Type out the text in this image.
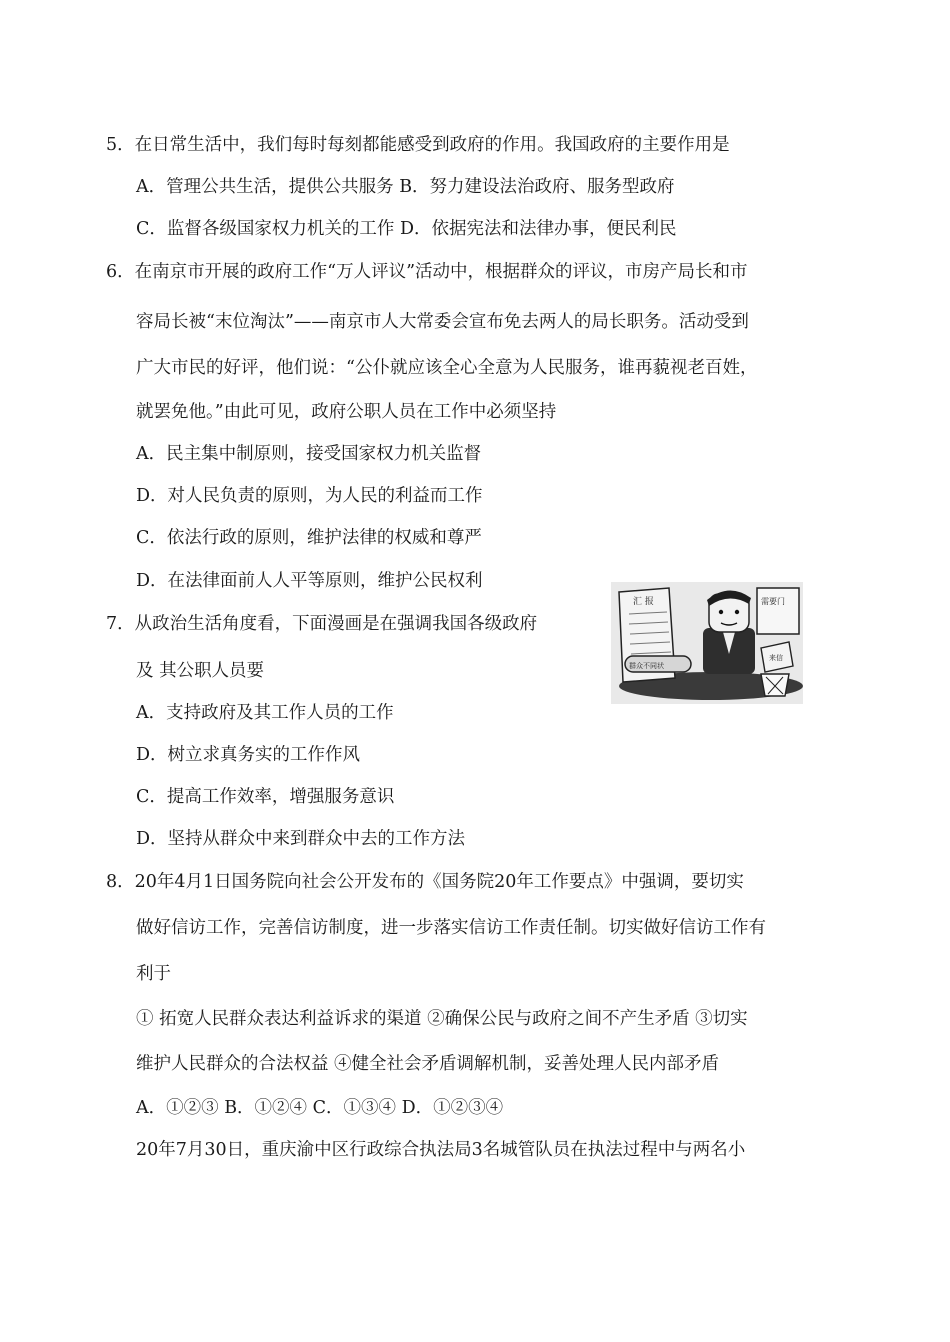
5．在日常生活中，我们每时每刻都能感受到政府的作用。我国政府的主要作用是
A．管理公共生活，提供公共服务 B．努力建设法治政府、服务型政府
C．监督各级国家权力机关的工作 D．依据宪法和法律办事，便民利民
6．在南京市开展的政府工作“万人评议”活动中，根据群众的评议，市房产局长和市
容局长被“末位淘汰”——南京市人大常委会宣布免去两人的局长职务。活动受到
广大市民的好评，他们说：“公仆就应该全心全意为人民服务，谁再藐视老百姓，
就罢免他。”由此可见，政府公职人员在工作中必须坚持
A．民主集中制原则，接受国家权力机关监督
D．对人民负责的原则，为人民的利益而工作
C．依法行政的原则，维护法律的权威和尊严
D．在法律面前人人平等原则，维护公民权利
7．从政治生活角度看，下面漫画是在强调我国各级政府
及 其公职人员要
A．支持政府及其工作人员的工作
D．树立求真务实的工作作风
C．提高工作效率，增强服务意识
D．坚持从群众中来到群众中去的工作方法
汇 报
群众不同状
需要门
来信
8．20年4月1日国务院向社会公开发布的《国务院20年工作要点》中强调，要切实
做好信访工作，完善信访制度，进一步落实信访工作责任制。切实做好信访工作有
利于
① 拓宽人民群众表达利益诉求的渠道 ②确保公民与政府之间不产生矛盾 ③切实
维护人民群众的合法权益 ④健全社会矛盾调解机制，妥善处理人民内部矛盾
A．①②③ B．①②④ C．①③④ D．①②③④
20年7月30日，重庆渝中区行政综合执法局3名城管队员在执法过程中与两名小
